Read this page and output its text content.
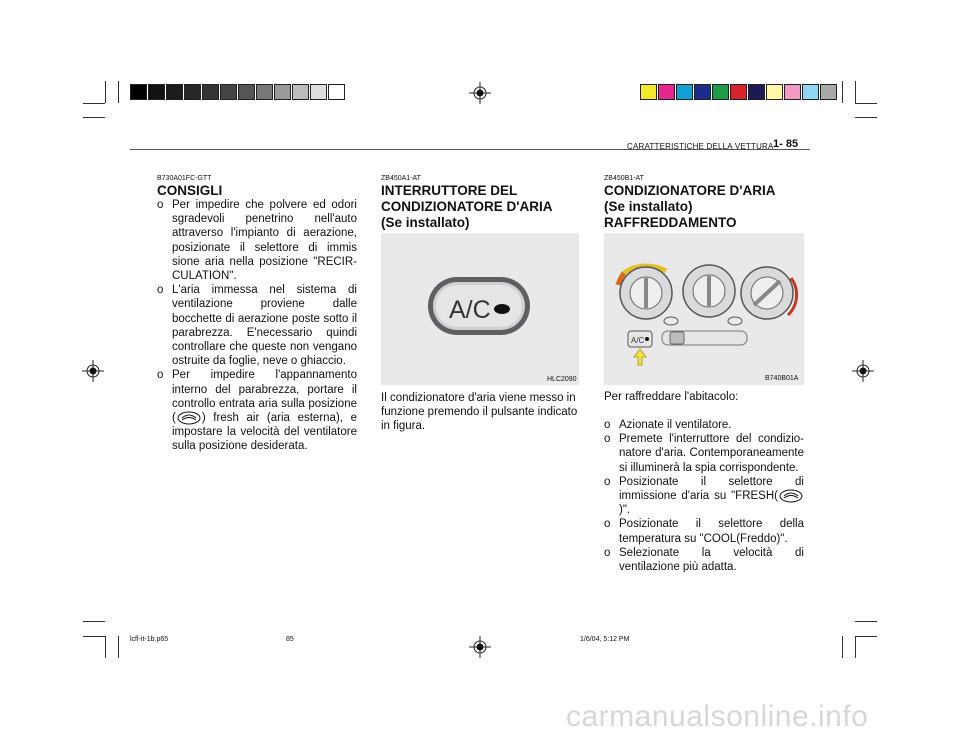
CARATTERISTICHE DELLA VETTURA 1- 85
B730A01FC-GTT
CONSIGLI
o Per impedire che polvere ed odori sgradevoli penetrino nell'auto attraverso l'impianto di aerazione, posizionate il selettore di immis sione aria nella posizione "RECIR- CULATION".
o L'aria immessa nel sistema di ventilazione proviene dalle bocchette di aerazione poste sotto il parabrezza. E'necessario quindi controllare che queste non vengano ostruite da foglie, neve o ghiaccio.
o Per impedire l'appannamento interno del parabrezza, portare il controllo entrata aria sulla posizione ( ) fresh air (aria esterna), e impostare la velocità del ventilatore sulla posizione desiderata.
ZB450A1-AT
INTERRUTTORE DEL
CONDIZIONATORE D'ARIA
(Se installato)
A/C
HLC2090
Il condizionatore d'aria viene messo in funzione premendo il pulsante indicato in figura.
ZB450B1-AT
CONDIZIONATORE D'ARIA
(Se installato)
RAFFREDDAMENTO
A/C
B740B01A
Per raffreddare l'abitacolo:
o Azionate il ventilatore.
o Premete l'interruttore del condizio- natore d'aria. Contemporaneamente si illuminerà la spia corrispondente.
o Posizionate il selettore di immissione d'aria su "FRESH()".
o Posizionate il selettore della temperatura su "COOL(Freddo)".
o Selezionate la velocità di ventilazione più adatta.
lcfl-it-1b.p65	85	1/6/04, 5:12 PM
carmanualsonline.info
